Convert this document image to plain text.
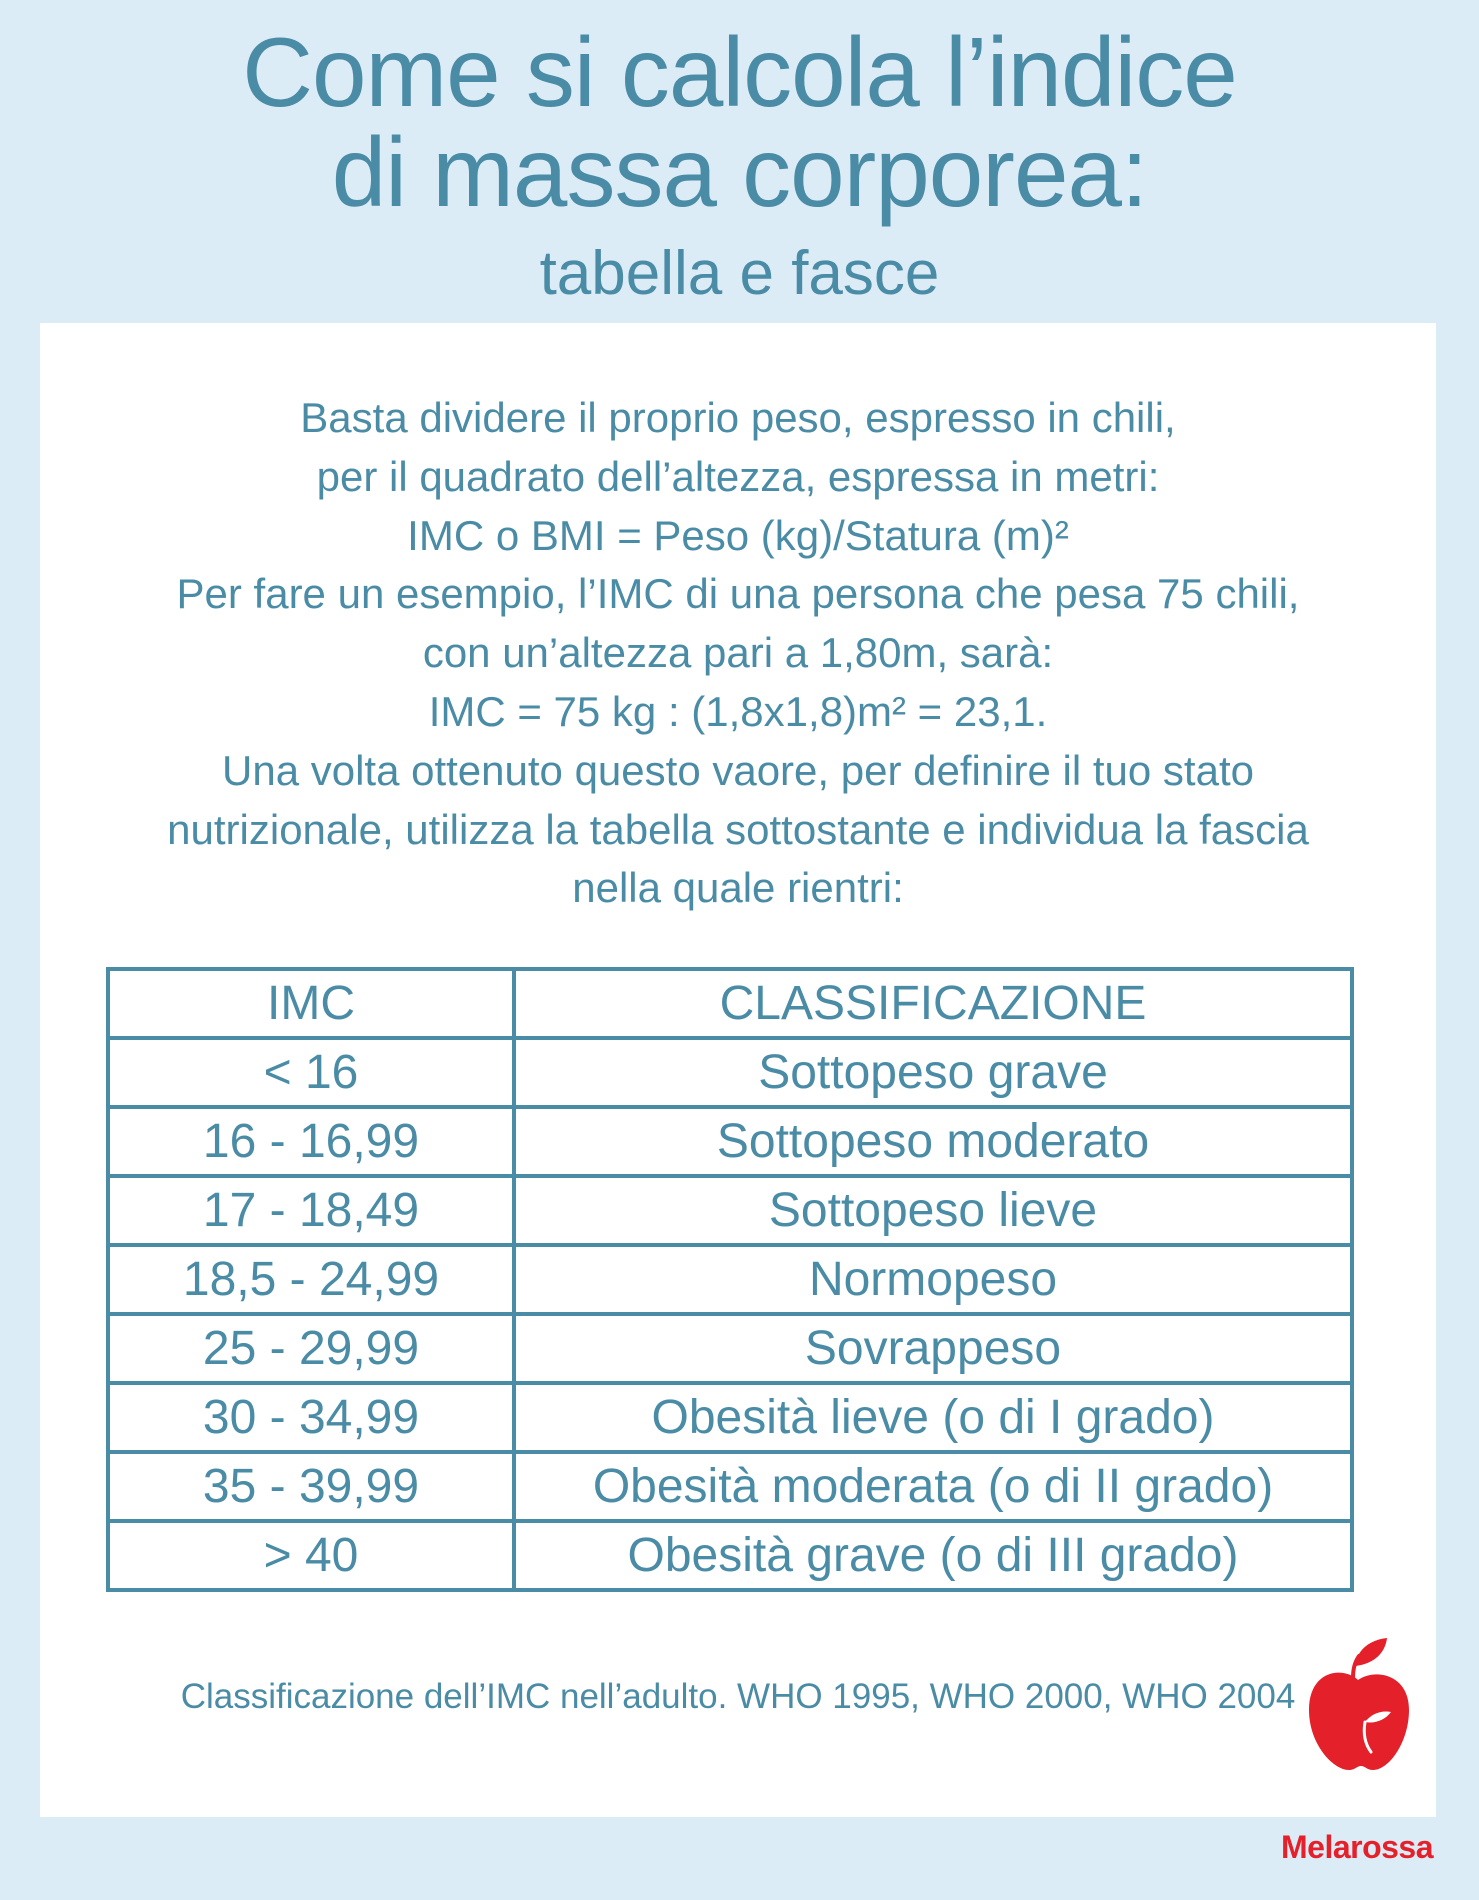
Come si calcola l’indice
di massa corporea:
tabella e fasce
Basta dividere il proprio peso, espresso in chili,
per il quadrato dell’altezza, espressa in metri:
IMC o BMI = Peso (kg)/Statura (m)²
Per fare un esempio, l’IMC di una persona che pesa 75 chili,
con un’altezza pari a 1,80m, sarà:
IMC = 75 kg : (1,8x1,8)m² = 23,1.
Una volta ottenuto questo vaore, per definire il tuo stato
nutrizionale, utilizza la tabella sottostante e individua la fascia
nella quale rientri:
IMC	CLASSIFICAZIONE
< 16	Sottopeso grave
16 - 16,99	Sottopeso moderato
17 - 18,49	Sottopeso lieve
18,5 - 24,99	Normopeso
25 - 29,99	Sovrappeso
30 - 34,99	Obesità lieve (o di I grado)
35 - 39,99	Obesità moderata (o di II grado)
> 40	Obesità grave (o di III grado)
Classificazione dell’IMC nell’adulto. WHO 1995, WHO 2000, WHO 2004
Melarossa
